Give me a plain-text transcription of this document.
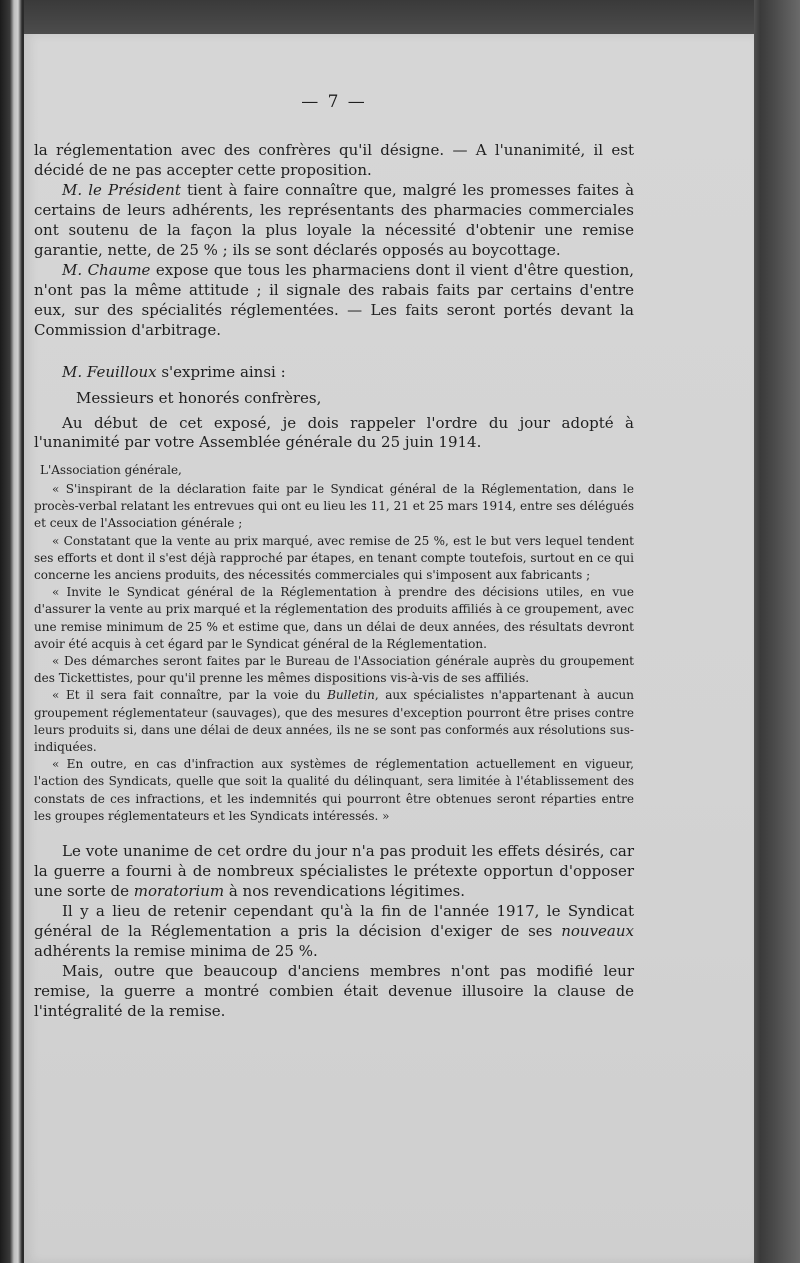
— 7 —

la réglementation avec des confrères qu'il désigne. — A l'unanimité, il est décidé de ne pas accepter cette proposition.

M. le Président tient à faire connaître que, malgré les promesses faites à certains de leurs adhérents, les représentants des pharmacies commerciales ont soutenu de la façon la plus loyale la nécessité d'obtenir une remise garantie, nette, de 25 % ; ils se sont déclarés opposés au boycottage.

M. Chaume expose que tous les pharmaciens dont il vient d'être question, n'ont pas la même attitude ; il signale des rabais faits par certains d'entre eux, sur des spécialités réglementées. — Les faits seront portés devant la Commission d'arbitrage.

M. Feuilloux s'exprime ainsi :

Messieurs et honorés confrères,

Au début de cet exposé, je dois rappeler l'ordre du jour adopté à l'unanimité par votre Assemblée générale du 25 juin 1914.

L'Association générale,

« S'inspirant de la déclaration faite par le Syndicat général de la Réglementation, dans le procès-verbal relatant les entrevues qui ont eu lieu les 11, 21 et 25 mars 1914, entre ses délégués et ceux de l'Association générale ;

« Constatant que la vente au prix marqué, avec remise de 25 %, est le but vers lequel tendent ses efforts et dont il s'est déjà rapproché par étapes, en tenant compte toutefois, surtout en ce qui concerne les anciens produits, des nécessités commerciales qui s'imposent aux fabricants ;

« Invite le Syndicat général de la Réglementation à prendre des décisions utiles, en vue d'assurer la vente au prix marqué et la réglementation des produits affiliés à ce groupement, avec une remise minimum de 25 % et estime que, dans un délai de deux années, des résultats devront avoir été acquis à cet égard par le Syndicat général de la Réglementation.

« Des démarches seront faites par le Bureau de l'Association générale auprès du groupement des Tickettistes, pour qu'il prenne les mêmes dispositions vis-à-vis de ses affiliés.

« Et il sera fait connaître, par la voie du Bulletin, aux spécialistes n'appartenant à aucun groupement réglementateur (sauvages), que des mesures d'exception pourront être prises contre leurs produits si, dans une délai de deux années, ils ne se sont pas conformés aux résolutions sus-indiquées.

« En outre, en cas d'infraction aux systèmes de réglementation actuellement en vigueur, l'action des Syndicats, quelle que soit la qualité du délinquant, sera limitée à l'établissement des constats de ces infractions, et les indemnités qui pourront être obtenues seront réparties entre les groupes réglementateurs et les Syndicats intéressés. »

Le vote unanime de cet ordre du jour n'a pas produit les effets désirés, car la guerre a fourni à de nombreux spécialistes le prétexte opportun d'opposer une sorte de moratorium à nos revendications légitimes.

Il y a lieu de retenir cependant qu'à la fin de l'année 1917, le Syndicat général de la Réglementation a pris la décision d'exiger de ses nouveaux adhérents la remise minima de 25 %.

Mais, outre que beaucoup d'anciens membres n'ont pas modifié leur remise, la guerre a montré combien était devenue illusoire la clause de l'intégralité de la remise.
